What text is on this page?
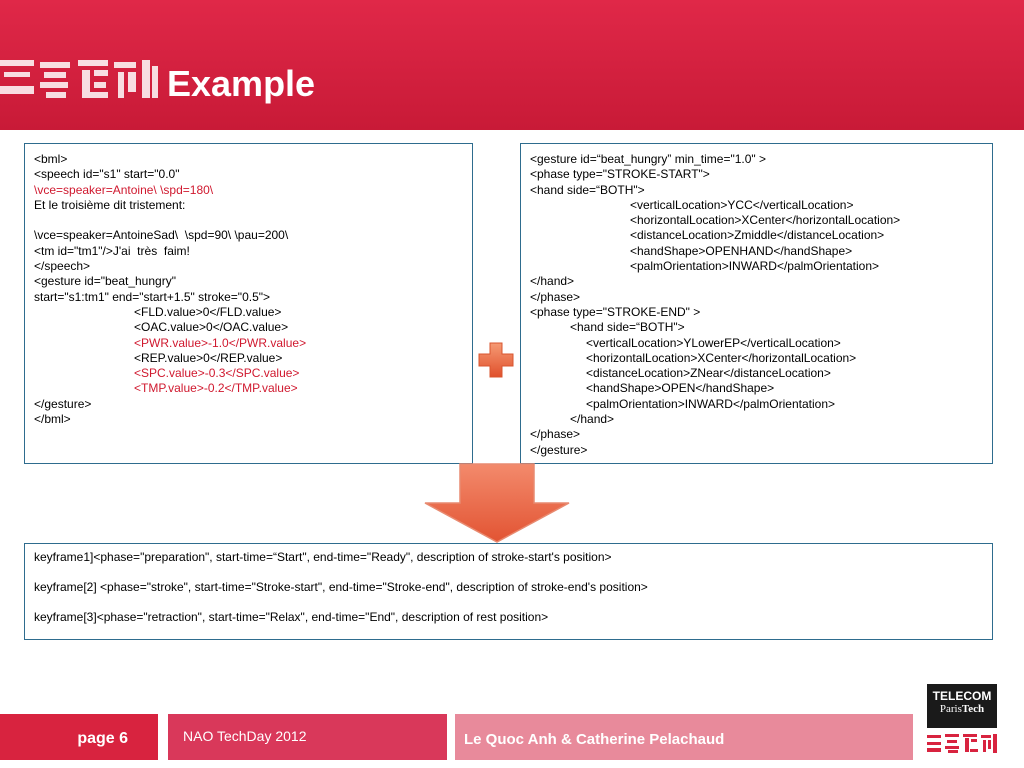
Example
<bml>
<speech id="s1" start="0.0"
\vce=speaker=Antoine\ \spd=180\
Et le troisième dit tristement:
\vce=speaker=AntoineSad\  \spd=90\ \pau=200\
<tm id="tm1"/>J'ai  très  faim!
</speech>
<gesture id="beat_hungry"
start="s1:tm1" end="start+1.5" stroke="0.5">
<FLD.value>0</FLD.value>
<OAC.value>0</OAC.value>
<PWR.value>-1.0</PWR.value>
<REP.value>0</REP.value>
<SPC.value>-0.3</SPC.value>
<TMP.value>-0.2</TMP.value>
</gesture>
</bml>
<gesture id=“beat_hungry” min_time="1.0" >
<phase type="STROKE-START">
<hand side=“BOTH">
<verticalLocation>YCC</verticalLocation>
<horizontalLocation>XCenter</horizontalLocation>
<distanceLocation>Zmiddle</distanceLocation>
<handShape>OPENHAND</handShape>
<palmOrientation>INWARD</palmOrientation>
</hand>
</phase>
<phase type="STROKE-END" >
<hand side=“BOTH">
<verticalLocation>YLowerEP</verticalLocation>
<horizontalLocation>XCenter</horizontalLocation>
<distanceLocation>ZNear</distanceLocation>
<handShape>OPEN</handShape>
<palmOrientation>INWARD</palmOrientation>
</hand>
</phase>
</gesture>
keyframe1]<phase="preparation", start-time=“Start", end-time="Ready", description of stroke-start's position>
keyframe[2] <phase="stroke", start-time="Stroke-start", end-time="Stroke-end", description of stroke-end's position>
keyframe[3]<phase="retraction", start-time="Relax", end-time="End", description of rest position>
page 6	NAO TechDay 2012	Le Quoc Anh & Catherine Pelachaud
TELECOM
ParisTech
